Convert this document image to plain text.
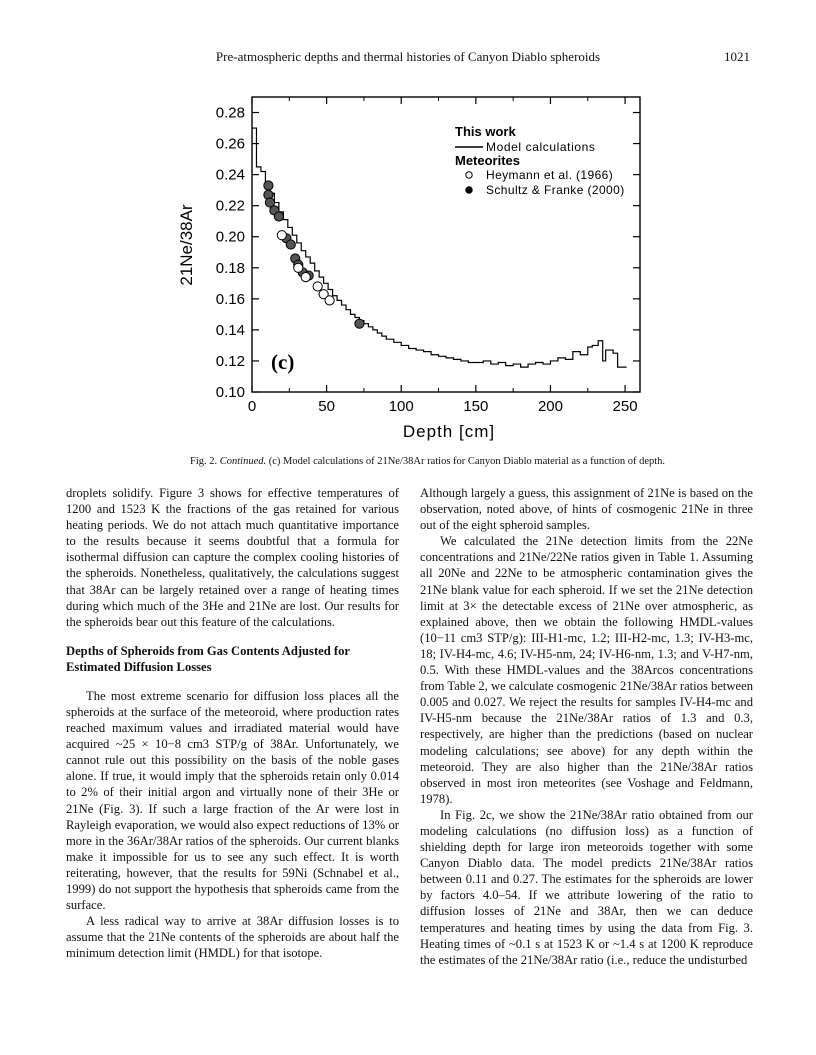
Pre-atmospheric depths and thermal histories of Canyon Diablo spheroids	1021
0	50	100	150	200	250
0.10
0.12
0.14
0.16
0.18
0.20
0.22
0.24
0.26
0.28
Depth [cm]
21Ne/38Ar
(c)
This work
Model calculations
Meteorites
Heymann et al. (1966)
Schultz & Franke (2000)
Fig. 2. Continued. (c) Model calculations of 21Ne/38Ar ratios for Canyon Diablo material as a function of depth.

droplets solidify. Figure 3 shows for effective temperatures of 1200 and 1523 K the fractions of the gas retained for various heating periods. We do not attach much quantitative importance to the results because it seems doubtful that a formula for isothermal diffusion can capture the complex cooling histories of the spheroids. Nonetheless, qualitatively, the calculations suggest that 38Ar can be largely retained over a range of heating times during which much of the 3He and 21Ne are lost. Our results for the spheroids bear out this feature of the calculations.

Depths of Spheroids from Gas Contents Adjusted for Estimated Diffusion Losses

The most extreme scenario for diffusion loss places all the spheroids at the surface of the meteoroid, where production rates reached maximum values and irradiated material would have acquired ~25 × 10−8 cm3 STP/g of 38Ar. Unfortunately, we cannot rule out this possibility on the basis of the noble gases alone. If true, it would imply that the spheroids retain only 0.014 to 2% of their initial argon and virtually none of their 3He or 21Ne (Fig. 3). If such a large fraction of the Ar were lost in Rayleigh evaporation, we would also expect reductions of 13% or more in the 36Ar/38Ar ratios of the spheroids. Our current blanks make it impossible for us to see any such effect. It is worth reiterating, however, that the results for 59Ni (Schnabel et al., 1999) do not support the hypothesis that spheroids came from the surface.

A less radical way to arrive at 38Ar diffusion losses is to assume that the 21Ne contents of the spheroids are about half the minimum detection limit (HMDL) for that isotope.

Although largely a guess, this assignment of 21Ne is based on the observation, noted above, of hints of cosmogenic 21Ne in three out of the eight spheroid samples.

We calculated the 21Ne detection limits from the 22Ne concentrations and 21Ne/22Ne ratios given in Table 1. Assuming all 20Ne and 22Ne to be atmospheric contamination gives the 21Ne blank value for each spheroid. If we set the 21Ne detection limit at 3× the detectable excess of 21Ne over atmospheric, as explained above, then we obtain the following HMDL-values (10−11 cm3 STP/g): III-H1-mc, 1.2; III-H2-mc, 1.3; IV-H3-mc, 18; IV-H4-mc, 4.6; IV-H5-nm, 24; IV-H6-nm, 1.3; and V-H7-nm, 0.5. With these HMDL-values and the 38Arcos concentrations from Table 2, we calculate cosmogenic 21Ne/38Ar ratios between 0.005 and 0.027. We reject the results for samples IV-H4-mc and IV-H5-nm because the 21Ne/38Ar ratios of 1.3 and 0.3, respectively, are higher than the predictions (based on nuclear modeling calculations; see above) for any depth within the meteoroid. They are also higher than the 21Ne/38Ar ratios observed in most iron meteorites (see Voshage and Feldmann, 1978).

In Fig. 2c, we show the 21Ne/38Ar ratio obtained from our modeling calculations (no diffusion loss) as a function of shielding depth for large iron meteoroids together with some Canyon Diablo data. The model predicts 21Ne/38Ar ratios between 0.11 and 0.27. The estimates for the spheroids are lower by factors 4.0–54. If we attribute lowering of the ratio to diffusion losses of 21Ne and 38Ar, then we can deduce temperatures and heating times by using the data from Fig. 3. Heating times of ~0.1 s at 1523 K or ~1.4 s at 1200 K reproduce the estimates of the 21Ne/38Ar ratio (i.e., reduce the undisturbed
